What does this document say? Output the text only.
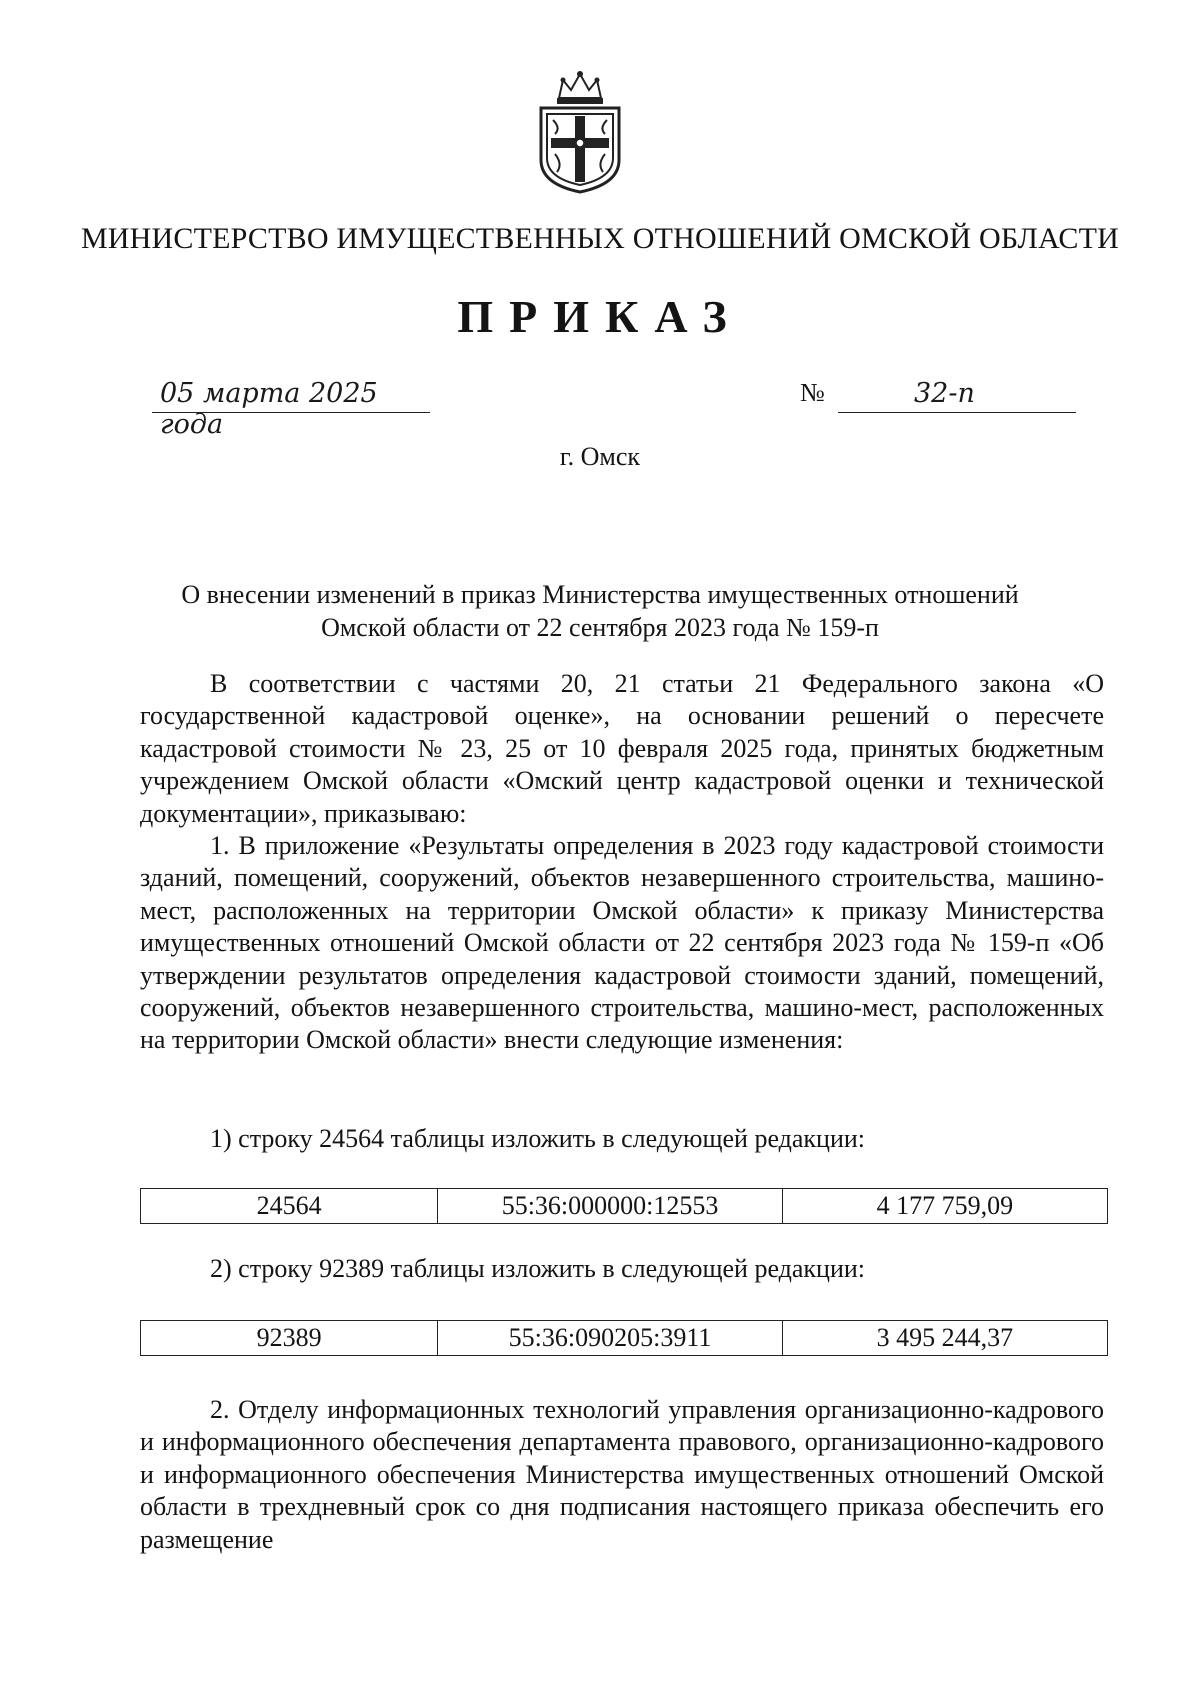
МИНИСТЕРСТВО ИМУЩЕСТВЕННЫХ ОТНОШЕНИЙ ОМСКОЙ ОБЛАСТИ
ПРИКАЗ
05 марта 2025 года
№	32-п
г. Омск
О внесении изменений в приказ Министерства имущественных отношений
Омской области от 22 сентября 2023 года № 159-п
В соответствии с частями 20, 21 статьи 21 Федерального закона «О государственной кадастровой оценке», на основании решений о пересчете кадастровой стоимости № 23, 25 от 10 февраля 2025 года, принятых бюджетным учреждением Омской области «Омский центр кадастровой оценки и технической документации», приказываю:
1. В приложение «Результаты определения в 2023 году кадастровой стоимости зданий, помещений, сооружений, объектов незавершенного строительства, машино-мест, расположенных на территории Омской области» к приказу Министерства имущественных отношений Омской области от 22 сентября 2023 года № 159-п «Об утверждении результатов определения кадастровой стоимости зданий, помещений, сооружений, объектов незавершенного строительства, машино-мест, расположенных на территории Омской области» внести следующие изменения:
1) строку 24564 таблицы изложить в следующей редакции:
24564	55:36:000000:12553	4 177 759,09
2) строку 92389 таблицы изложить в следующей редакции:
92389	55:36:090205:3911	3 495 244,37
2. Отделу информационных технологий управления организационно-кадрового и информационного обеспечения департамента правового, организационно-кадрового и информационного обеспечения Министерства имущественных отношений Омской области в трехдневный срок со дня подписания настоящего приказа обеспечить его размещение
